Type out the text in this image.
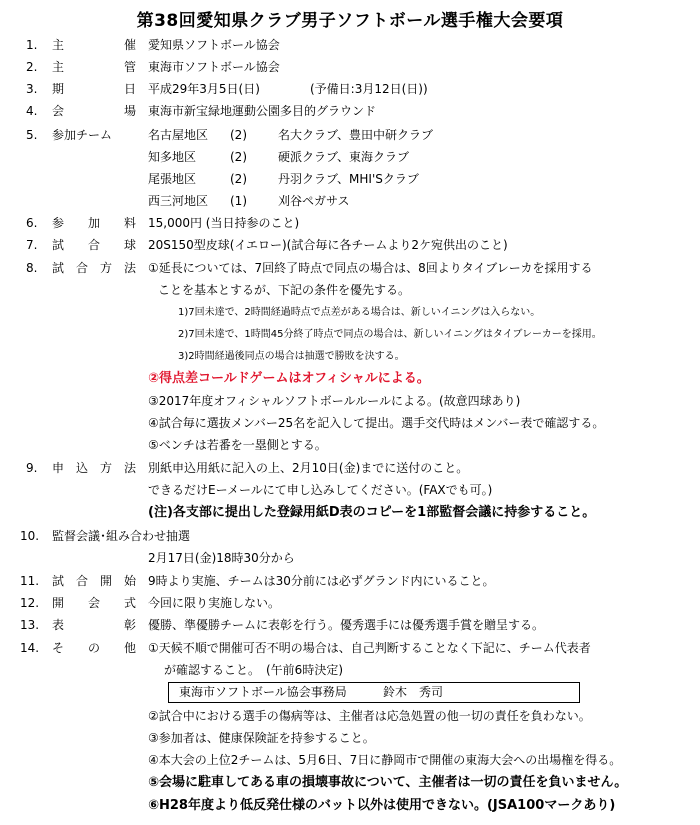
第38回愛知県クラブ男子ソフトボール選手権大会要項
1. 主	催 愛知県ソフトボール協会
2. 主	管 東海市ソフトボール協会
3. 期	日 平成29年3月5日(日)	(予備日:3月12日(日))
4. 会	場 東海市新宝緑地運動公園多目的グラウンド
5. 参加チーム	名古屋地区	(2)	名大クラブ、豊田中研クラブ
知多地区	(2)	硬派クラブ、東海クラブ
尾張地区	(2)	丹羽クラブ、MHI'Sクラブ
西三河地区	(1)	刈谷ペガサス
6. 参 加 料 15,000円 (当日持参のこと)
7. 試 合 球 20S150型皮球(イエロー)(試合毎に各チームより2ケ宛供出のこと)
8. 試 合 方 法 ①延長については、7回終了時点で同点の場合は、8回よりタイブレーカを採用する
ことを基本とするが、下記の条件を優先する。
1)7回未達で、2時間経過時点で点差がある場合は、新しいイニングは入らない。
2)7回未達で、1時間45分終了時点で同点の場合は、新しいイニングはタイブレーカーを採用。
3)2時間経過後同点の場合は抽選で勝敗を決する。
②得点差コールドゲームはオフィシャルによる。
③2017年度オフィシャルソフトボールルールによる。(故意四球あり)
④試合毎に選抜メンバー25名を記入して提出。選手交代時はメンバー表で確認する。
⑤ベンチは若番を一塁側とする。
9. 申 込 方 法 別紙申込用紙に記入の上、2月10日(金)までに送付のこと。
できるだけEーメールにて申し込みしてください。(FAXでも可。)
(注)各支部に提出した登録用紙D表のコピーを1部監督会議に持参すること。
10. 監督会議･組み合わせ抽選
2月17日(金)18時30分から
11. 試 合 開 始 9時より実施、チームは30分前には必ずグランド内にいること。
12. 開 会 式 今回に限り実施しない。
13. 表	彰 優勝、準優勝チームに表彰を行う。優秀選手には優秀選手賞を贈呈する。
14. そ の 他 ①天候不順で開催可否不明の場合は、自己判断することなく下記に、チーム代表者
が確認すること。　(午前6時決定)
東海市ソフトボール協会事務局	鈴木　秀司
②試合中における選手の傷病等は、主催者は応急処置の他一切の責任を負わない。
③参加者は、健康保険証を持参すること。
④本大会の上位2チームは、5月6日、7日に静岡市で開催の東海大会への出場権を得る。
⑤会場に駐車してある車の損壊事故について、主催者は一切の責任を負いません。
⑥H28年度より低反発仕様のバット以外は使用できない。(JSA100マークあり)
